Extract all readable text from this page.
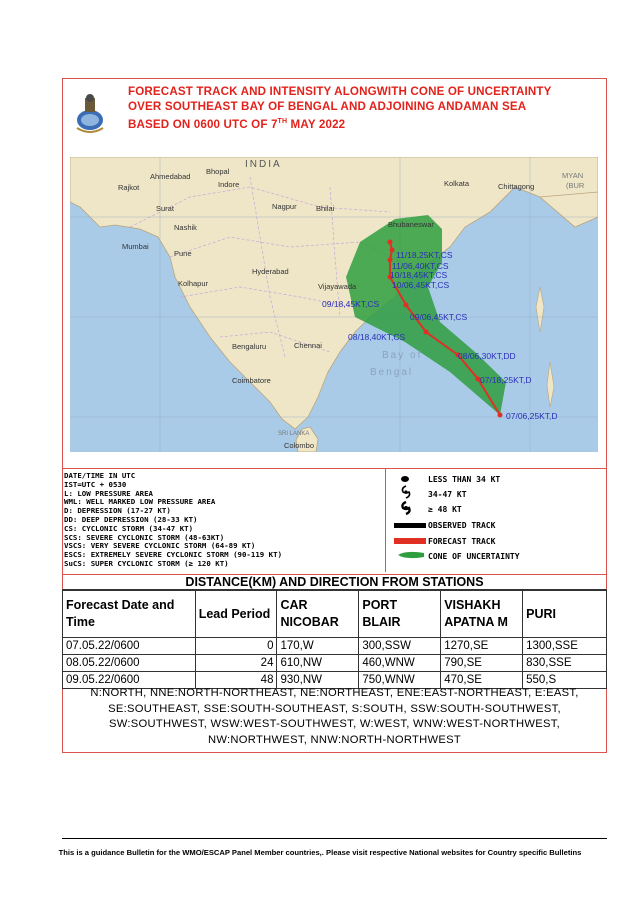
FORECAST TRACK AND INTENSITY ALONGWITH CONE OF UNCERTAINTY
OVER SOUTHEAST BAY OF BENGAL AND ADJOINING ANDAMAN SEA
BASED ON 0600 UTC OF 7TH MAY 2022
INDIA
Ahmedabad
Bhopal
Rajkot	Indore
Surat	Nagpur	Bhilai
Nashik
Mumbai
Pune
Hyderabad
Kolhapur	Vijayawada
Bengaluru	Chennai
Coimbatore
SRI LANKA
Colombo
Kolkata	Chittagong
Bhubaneswar
MYAN
(BUR
Bay of
Bengal
11/18,25KT,CS
11/06,40KT,CS
10/18,45KT,CS
10/06,45KT,CS
09/18,45KT,CS
09/06,45KT,CS
08/18,40KT,CS
08/06,30KT,DD
07/18,25KT,D
07/06,25KT,D
DATE/TIME IN UTC
IST=UTC + 0530
L: LOW PRESSURE AREA
WML: WELL MARKED LOW PRESSURE AREA
D: DEPRESSION (17-27 KT)
DD: DEEP DEPRESSION (28-33 KT)
CS: CYCLONIC STORM (34-47 KT)
SCS: SEVERE CYCLONIC STORM (48-63KT)
VSCS: VERY SEVERE CYCLONIC STORM (64-89 KT)
ESCS: EXTREMELY SEVERE CYCLONIC STORM (90-119 KT)
SuCS: SUPER CYCLONIC STORM (≥ 120 KT)
LESS THAN 34 KT
34-47 KT
≥ 48 KT
OBSERVED TRACK
FORECAST TRACK
CONE OF UNCERTAINTY
DISTANCE(KM) AND DIRECTION FROM STATIONS
Forecast Date and Time	Lead Period	CAR NICOBAR	PORT BLAIR	VISHAKH APATNA M	PURI
07.05.22/0600	0	170,W	300,SSW	1270,SE	1300,SSE
08.05.22/0600	24	610,NW	460,WNW	790,SE	830,SSE
09.05.22/0600	48	930,NW	750,WNW	470,SE	550,S
N:NORTH, NNE:NORTH-NORTHEAST, NE:NORTHEAST, ENE:EAST-NORTHEAST, E:EAST, SE:SOUTHEAST, SSE:SOUTH-SOUTHEAST, S:SOUTH, SSW:SOUTH-SOUTHWEST, SW:SOUTHWEST, WSW:WEST-SOUTHWEST, W:WEST, WNW:WEST-NORTHWEST, NW:NORTHWEST, NNW:NORTH-NORTHWEST
This is a guidance Bulletin for the WMO/ESCAP Panel Member countries,. Please visit respective National websites for Country specific Bulletins
